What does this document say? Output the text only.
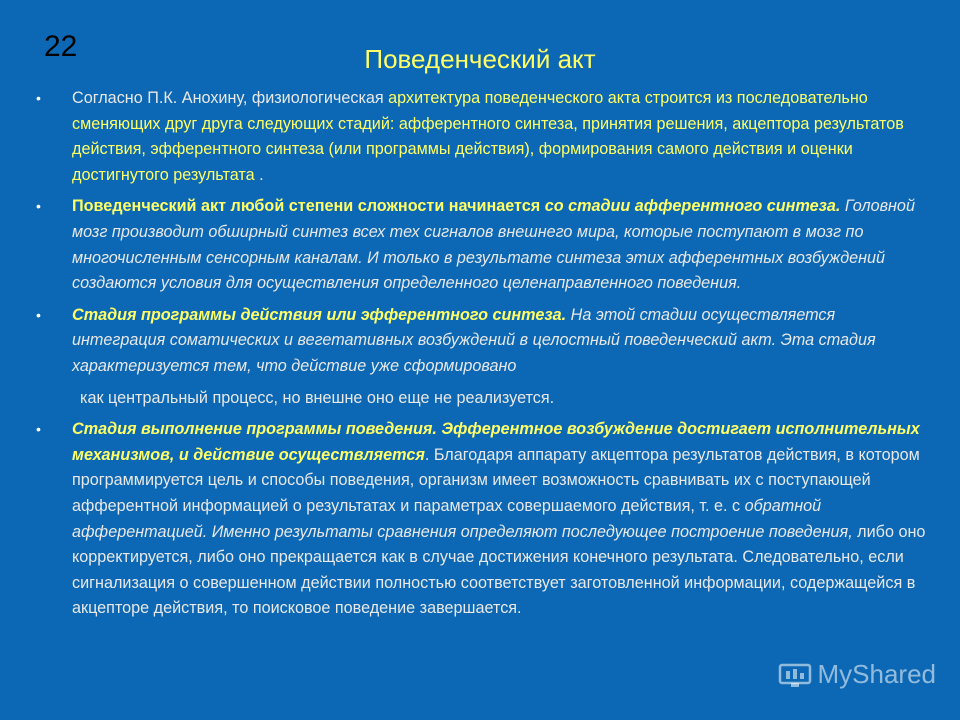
22	Поведенческий акт
• Согласно П.К. Анохину, физиологическая архитектура поведенческого акта строится из последовательно сменяющих друг друга следующих стадий: афферентного синтеза, принятия решения, акцептора результатов действия, эфферентного синтеза (или программы действия), формирования самого действия и оценки достигнутого результата .
• Поведенческий акт любой степени сложности начинается со стадии афферентного синтеза. Головной мозг производит обширный синтез всех тех сигналов внешнего мира, которые поступают в мозг по многочисленным сенсорным каналам. И только в результате синтеза этих афферентных возбуждений создаются условия для осуществления определенного целенаправленного поведения.
• Стадия программы действия или эфферентного синтеза. На этой стадии осуществляется интеграция соматических и вегетативных возбуждений в целостный поведенческий акт. Эта стадия характеризуется тем, что действие уже сформировано
как центральный процесс, но внешне оно еще не реализуется.
• Стадия выполнение программы поведения. Эфферентное возбуждение достигает исполнительных механизмов, и действие осуществляется. Благодаря аппарату акцептора результатов действия, в котором программируется цель и способы поведения, организм имеет возможность сравнивать их с поступающей афферентной информацией о результатах и параметрах совершаемого действия, т. е. с обратной афферентацией. Именно результаты сравнения определяют последующее построение поведения, либо оно корректируется, либо оно прекращается как в случае достижения конечного результата. Следовательно, если сигнализация о совершенном действии полностью соответствует заготовленной информации, содержащейся в акцепторе действия, то поисковое поведение завершается.
MyShared
